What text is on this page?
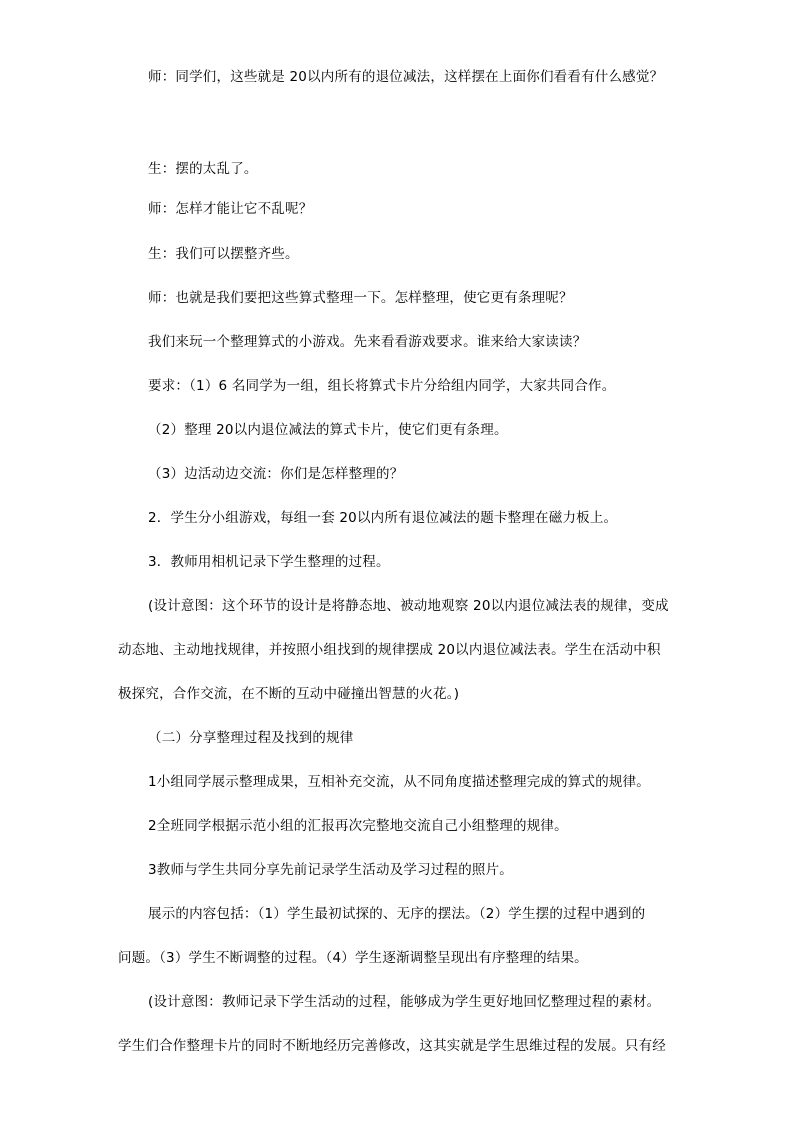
师：同学们，这些就是 20以内所有的退位减法，这样摆在上面你们看看有什么感觉？

生：摆的太乱了。

师：怎样才能让它不乱呢？

生：我们可以摆整齐些。

师：也就是我们要把这些算式整理一下。怎样整理，使它更有条理呢？

我们来玩一个整理算式的小游戏。先来看看游戏要求。谁来给大家读读？

要求：（1）6 名同学为一组，组长将算式卡片分给组内同学，大家共同合作。

（2）整理 20以内退位减法的算式卡片，使它们更有条理。

（3）边活动边交流：你们是怎样整理的？

2．学生分小组游戏，每组一套 20以内所有退位减法的题卡整理在磁力板上。

3．教师用相机记录下学生整理的过程。

(设计意图：这个环节的设计是将静态地、被动地观察 20以内退位减法表的规律，变成

动态地、主动地找规律，并按照小组找到的规律摆成 20以内退位减法表。学生在活动中积

极探究，合作交流，在不断的互动中碰撞出智慧的火花。)

（二）分享整理过程及找到的规律

1小组同学展示整理成果，互相补充交流，从不同角度描述整理完成的算式的规律。

2全班同学根据示范小组的汇报再次完整地交流自己小组整理的规律。

3教师与学生共同分享先前记录学生活动及学习过程的照片。

展示的内容包括：（1）学生最初试探的、无序的摆法。（2）学生摆的过程中遇到的

问题。（3）学生不断调整的过程。（4）学生逐渐调整呈现出有序整理的结果。

(设计意图：教师记录下学生活动的过程，能够成为学生更好地回忆整理过程的素材。

学生们合作整理卡片的同时不断地经历完善修改，这其实就是学生思维过程的发展。只有经
